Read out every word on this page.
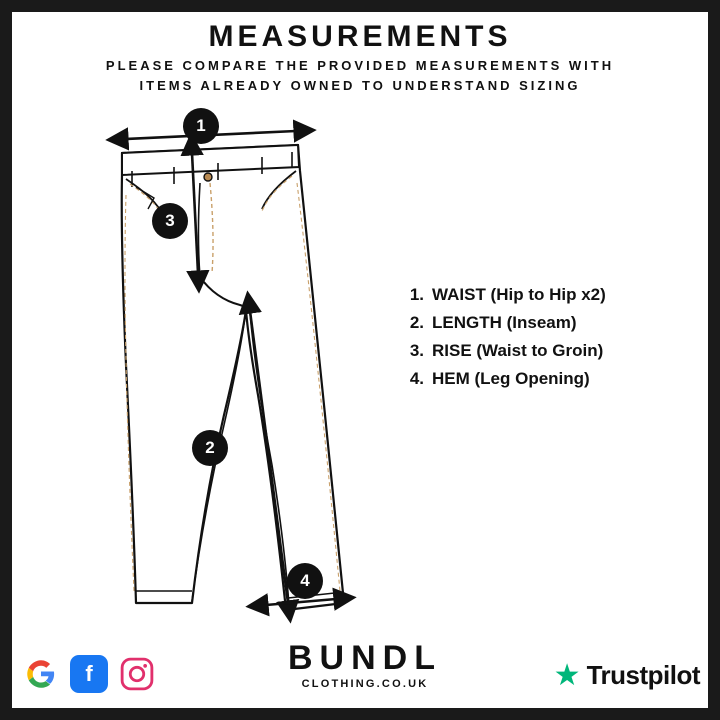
MEASUREMENTS
PLEASE COMPARE THE PROVIDED MEASUREMENTS WITH
ITEMS ALREADY OWNED TO UNDERSTAND SIZING
1
3
2
4
1. WAIST (Hip to Hip x2)
2. LENGTH (Inseam)
3. RISE (Waist to Groin)
4. HEM (Leg Opening)
BUNDL
CLOTHING.CO.UK
f	★ Trustpilot
